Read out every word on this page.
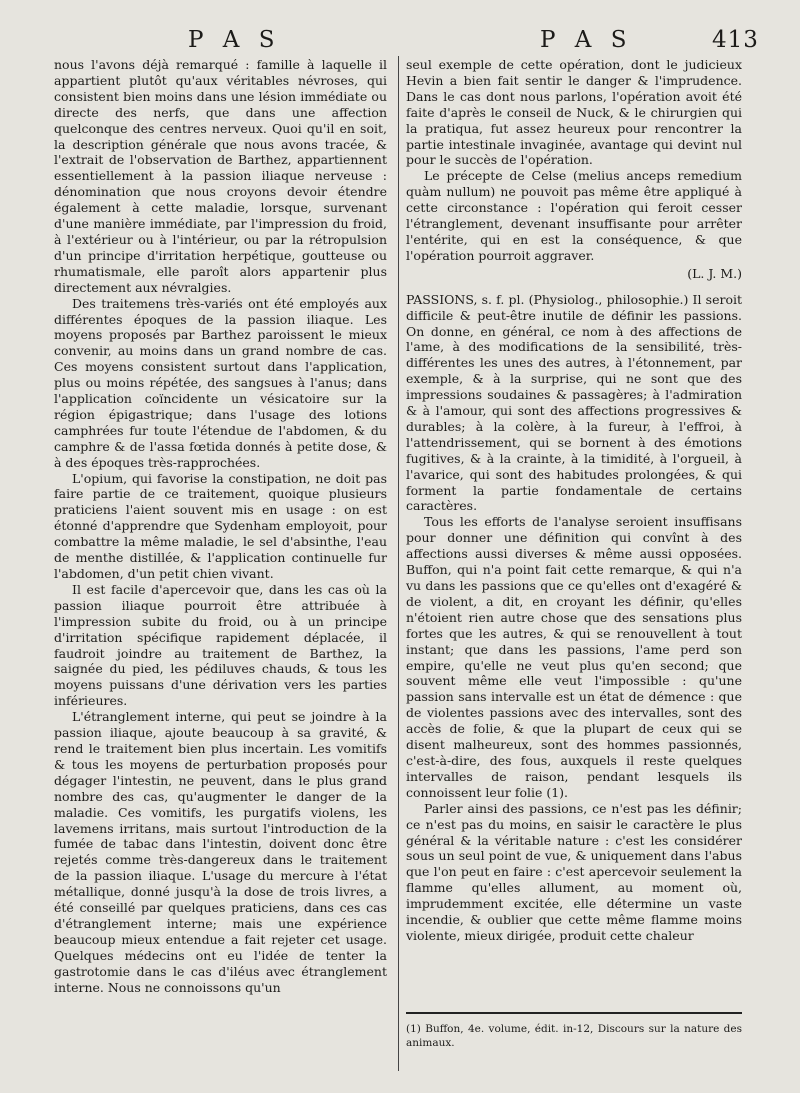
P A S	P A S	413

nous l'avons déjà remarqué : famille à laquelle il appartient plutôt qu'aux véritables névroses, qui consistent bien moins dans une lésion immédiate ou directe des nerfs, que dans une affection quelconque des centres nerveux. Quoi qu'il en soit, la description générale que nous avons tracée, & l'extrait de l'observation de Barthez, appartiennent essentiellement à la passion iliaque nerveuse : dénomination que nous croyons devoir étendre également à cette maladie, lorsque, survenant d'une manière immédiate, par l'impression du froid, à l'extérieur ou à l'intérieur, ou par la rétropulsion d'un principe d'irritation herpétique, goutteuse ou rhumatismale, elle paroît alors appartenir plus directement aux névralgies.

Des traitemens très-variés ont été employés aux différentes époques de la passion iliaque. Les moyens proposés par Barthez paroissent le mieux convenir, au moins dans un grand nombre de cas. Ces moyens consistent surtout dans l'application, plus ou moins répétée, des sangsues à l'anus; dans l'application coïncidente un vésicatoire sur la région épigastrique; dans l'usage des lotions camphrées fur toute l'étendue de l'abdomen, & du camphre & de l'assa fœtida donnés à petite dose, & à des époques très-rapprochées.

L'opium, qui favorise la constipation, ne doit pas faire partie de ce traitement, quoique plusieurs praticiens l'aient souvent mis en usage : on est étonné d'apprendre que Sydenham employoit, pour combattre la même maladie, le sel d'absinthe, l'eau de menthe distillée, & l'application continuelle fur l'abdomen, d'un petit chien vivant.

Il est facile d'apercevoir que, dans les cas où la passion iliaque pourroit être attribuée à l'impression subite du froid, ou à un principe d'irritation spécifique rapidement déplacée, il faudroit joindre au traitement de Barthez, la saignée du pied, les pédiluves chauds, & tous les moyens puissans d'une dérivation vers les parties inférieures.

L'étranglement interne, qui peut se joindre à la passion iliaque, ajoute beaucoup à sa gravité, & rend le traitement bien plus incertain. Les vomitifs & tous les moyens de perturbation proposés pour dégager l'intestin, ne peuvent, dans le plus grand nombre des cas, qu'augmenter le danger de la maladie. Ces vomitifs, les purgatifs violens, les lavemens irritans, mais surtout l'introduction de la fumée de tabac dans l'intestin, doivent donc être rejetés comme très-dangereux dans le traitement de la passion iliaque. L'usage du mercure à l'état métallique, donné jusqu'à la dose de trois livres, a été conseillé par quelques praticiens, dans ces cas d'étranglement interne; mais une expérience beaucoup mieux entendue a fait rejeter cet usage. Quelques médecins ont eu l'idée de tenter la gastrotomie dans le cas d'iléus avec étranglement interne. Nous ne connoissons qu'un

seul exemple de cette opération, dont le judicieux Hevin a bien fait sentir le danger & l'imprudence. Dans le cas dont nous parlons, l'opération avoit été faite d'après le conseil de Nuck, & le chirurgien qui la pratiqua, fut assez heureux pour rencontrer la partie intestinale invaginée, avantage qui devint nul pour le succès de l'opération.

Le précepte de Celse (melius anceps remedium quàm nullum) ne pouvoit pas même être appliqué à cette circonstance : l'opération qui feroit cesser l'étranglement, devenant insuffisante pour arrêter l'entérite, qui en est la conséquence, & que l'opération pourroit aggraver.

(L. J. M.)

PASSIONS, s. f. pl. (Physiolog., philosophie.) Il seroit difficile & peut-être inutile de définir les passions. On donne, en général, ce nom à des affections de l'ame, à des modifications de la sensibilité, très-différentes les unes des autres, à l'étonnement, par exemple, & à la surprise, qui ne sont que des impressions soudaines & passagères; à l'admiration & à l'amour, qui sont des affections progressives & durables; à la colère, à la fureur, à l'effroi, à l'attendrissement, qui se bornent à des émotions fugitives, & à la crainte, à la timidité, à l'orgueil, à l'avarice, qui sont des habitudes prolongées, & qui forment la partie fondamentale de certains caractères.

Tous les efforts de l'analyse seroient insuffisans pour donner une définition qui convînt à des affections aussi diverses & même aussi opposées. Buffon, qui n'a point fait cette remarque, & qui n'a vu dans les passions que ce qu'elles ont d'exagéré & de violent, a dit, en croyant les définir, qu'elles n'étoient rien autre chose que des sensations plus fortes que les autres, & qui se renouvellent à tout instant; que dans les passions, l'ame perd son empire, qu'elle ne veut plus qu'en second; que souvent même elle veut l'impossible : qu'une passion sans intervalle est un état de démence : que de violentes passions avec des intervalles, sont des accès de folie, & que la plupart de ceux qui se disent malheureux, sont des hommes passionnés, c'est-à-dire, des fous, auxquels il reste quelques intervalles de raison, pendant lesquels ils connoissent leur folie (1).

Parler ainsi des passions, ce n'est pas les définir; ce n'est pas du moins, en saisir le caractère le plus général & la véritable nature : c'est les considérer sous un seul point de vue, & uniquement dans l'abus que l'on peut en faire : c'est apercevoir seulement la flamme qu'elles allument, au moment où, imprudemment excitée, elle détermine un vaste incendie, & oublier que cette même flamme moins violente, mieux dirigée, produit cette chaleur

(1) Buffon, 4e. volume, édit. in-12, Discours sur la nature des animaux.
